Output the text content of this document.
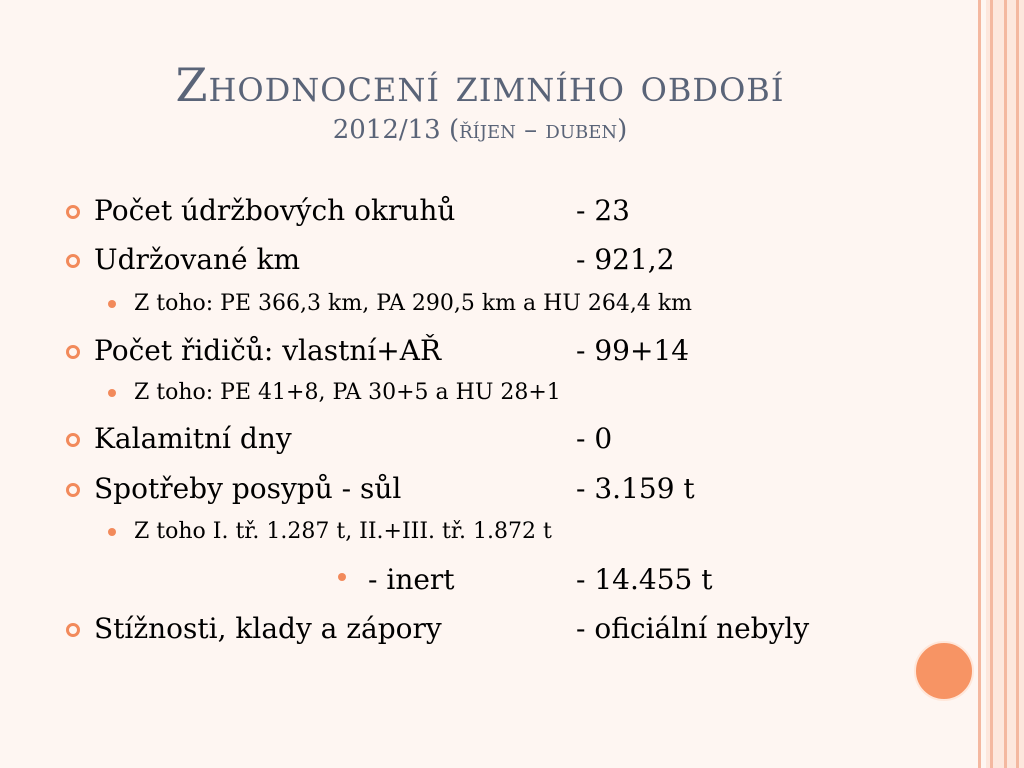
Zhodnocení zimního období
2012/13 (říjen – duben)
Počet údržbových okruhů	- 23
Udržované km	- 921,2
Z toho: PE 366,3 km, PA 290,5 km a HU 264,4 km
Počet řidičů: vlastní+AŘ	- 99+14
Z toho: PE 41+8, PA 30+5 a HU 28+1
Kalamitní dny	- 0
Spotřeby posypů - sůl	- 3.159 t
Z toho I. tř. 1.287 t, II.+III. tř. 1.872 t
- inert	- 14.455 t
Stížnosti, klady a zápory	- oficiální nebyly
